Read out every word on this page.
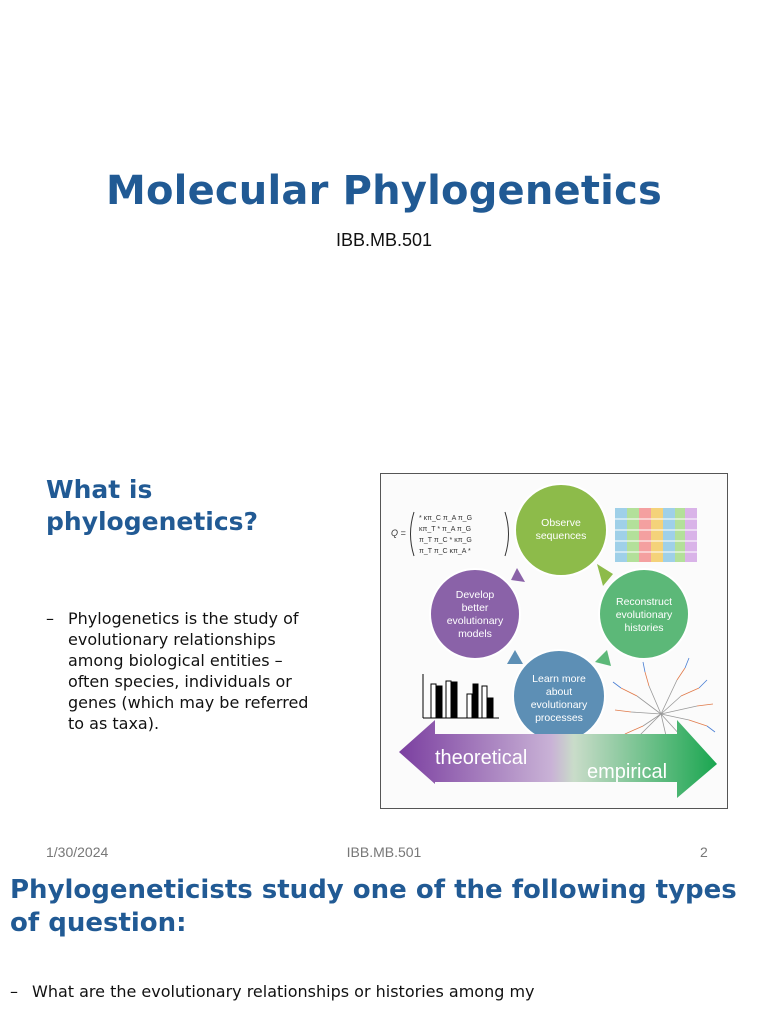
Molecular Phylogenetics
IBB.MB.501
What is phylogenetics?
– Phylogenetics is the study of evolutionary relationships among biological entities – often species, individuals or genes (which may be referred to as taxa).
Q =
* κπ_C π_A π_G
κπ_T * π_A π_G
π_T π_C * κπ_G
π_T π_C κπ_A *
Observe
sequences
Reconstruct
evolutionary
histories
Learn more
about
evolutionary
processes
Develop
better
evolutionary
models
theoretical
empirical
1/30/2024	IBB.MB.501	2
Phylogeneticists study one of the following types of question:
– What are the evolutionary relationships or histories among my
